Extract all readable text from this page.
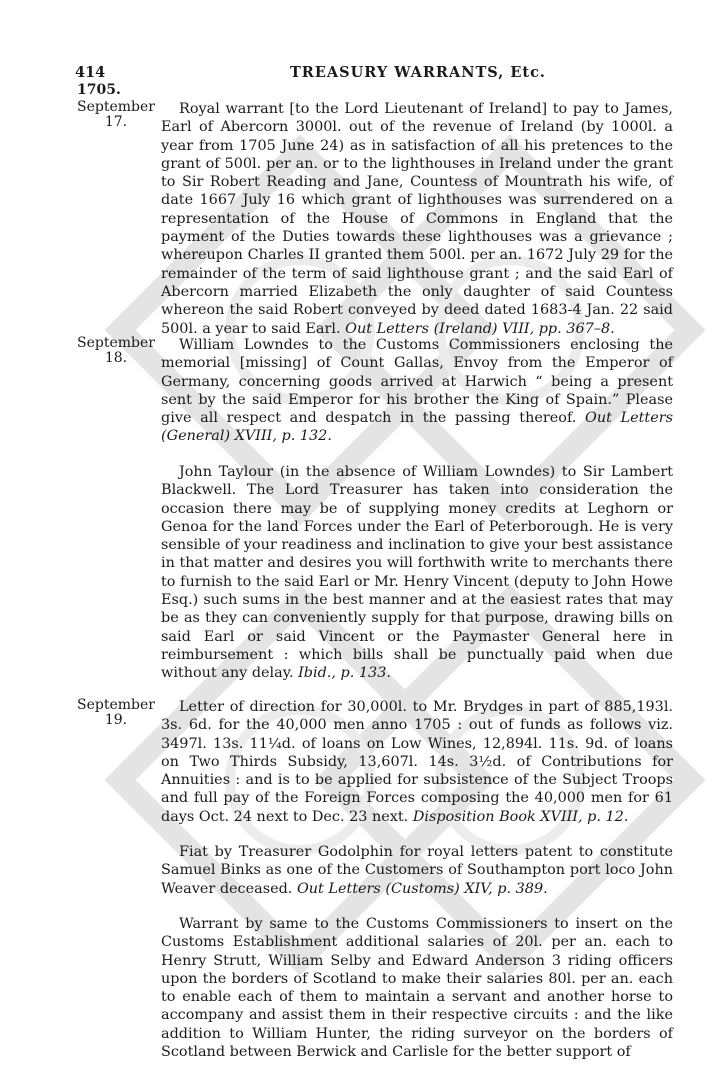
414	TREASURY WARRANTS, Etc.
1705.
September
17.

Royal warrant [to the Lord Lieutenant of Ireland] to pay to James, Earl of Abercorn 3000l. out of the revenue of Ireland (by 1000l. a year from 1705 June 24) as in satisfaction of all his pretences to the grant of 500l. per an. or to the lighthouses in Ireland under the grant to Sir Robert Reading and Jane, Countess of Mountrath his wife, of date 1667 July 16 which grant of lighthouses was surrendered on a representation of the House of Commons in England that the payment of the Duties towards these lighthouses was a grievance ; whereupon Charles II granted them 500l. per an. 1672 July 29 for the remainder of the term of said lighthouse grant ; and the said Earl of Abercorn married Elizabeth the only daughter of said Countess whereon the said Robert conveyed by deed dated 1683-4 Jan. 22 said 500l. a year to said Earl. Out Letters (Ireland) VIII, pp. 367–8.

September
18.

William Lowndes to the Customs Commissioners enclosing the memorial [missing] of Count Gallas, Envoy from the Emperor of Germany, concerning goods arrived at Harwich “ being a present sent by the said Emperor for his brother the King of Spain.” Please give all respect and despatch in the passing thereof. Out Letters (General) XVIII, p. 132.

John Taylour (in the absence of William Lowndes) to Sir Lambert Blackwell. The Lord Treasurer has taken into consideration the occasion there may be of supplying money credits at Leghorn or Genoa for the land Forces under the Earl of Peterborough. He is very sensible of your readiness and inclination to give your best assistance in that matter and desires you will forthwith write to merchants there to furnish to the said Earl or Mr. Henry Vincent (deputy to John Howe Esq.) such sums in the best manner and at the easiest rates that may be as they can conveniently supply for that purpose, drawing bills on said Earl or said Vincent or the Paymaster General here in reimbursement : which bills shall be punctually paid when due without any delay. Ibid., p. 133.

September
19.

Letter of direction for 30,000l. to Mr. Brydges in part of 885,193l. 3s. 6d. for the 40,000 men anno 1705 : out of funds as follows viz. 3497l. 13s. 11¼d. of loans on Low Wines, 12,894l. 11s. 9d. of loans on Two Thirds Subsidy, 13,607l. 14s. 3½d. of Contributions for Annuities : and is to be applied for subsistence of the Subject Troops and full pay of the Foreign Forces composing the 40,000 men for 61 days Oct. 24 next to Dec. 23 next. Disposition Book XVIII, p. 12.

Fiat by Treasurer Godolphin for royal letters patent to constitute Samuel Binks as one of the Customers of Southampton port loco John Weaver deceased. Out Letters (Customs) XIV, p. 389.

Warrant by same to the Customs Commissioners to insert on the Customs Establishment additional salaries of 20l. per an. each to Henry Strutt, William Selby and Edward Anderson 3 riding officers upon the borders of Scotland to make their salaries 80l. per an. each to enable each of them to maintain a servant and another horse to accompany and assist them in their respective circuits : and the like addition to William Hunter, the riding surveyor on the borders of Scotland between Berwick and Carlisle for the better support of
